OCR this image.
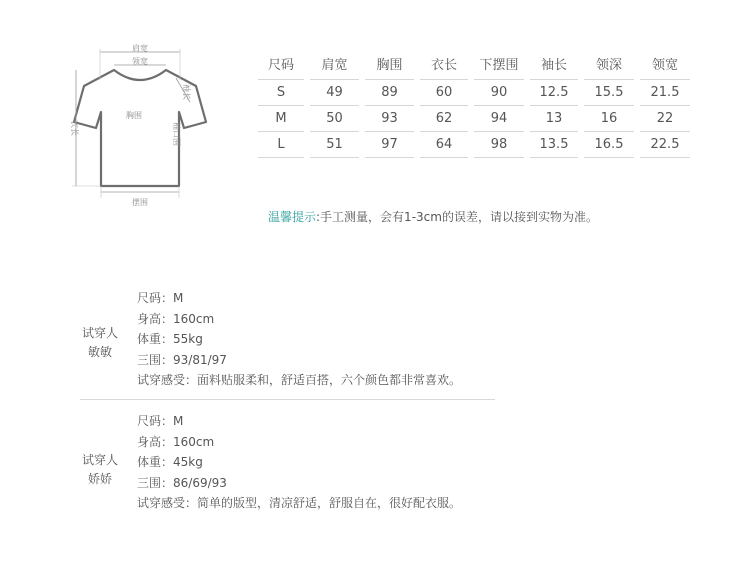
肩宽
领宽
胸围
摆围
衣长
袖长
袖口围
尺码	肩宽	胸围	衣长	下摆围	袖长	领深	领宽

S	49	89	60	90	12.5	15.5	21.5

M	50	93	62	94	13	16	22

L	51	97	64	98	13.5	16.5	22.5
温馨提示:手工测量，会有1-3cm的误差，请以接到实物为准。
试穿人
敏敏
尺码：M
身高：160cm
体重：55kg
三围：93/81/97
试穿感受：面料贴服柔和，舒适百搭，六个颜色都非常喜欢。
试穿人
娇娇
尺码：M
身高：160cm
体重：45kg
三围：86/69/93
试穿感受：简单的版型，清凉舒适，舒服自在，很好配衣服。
